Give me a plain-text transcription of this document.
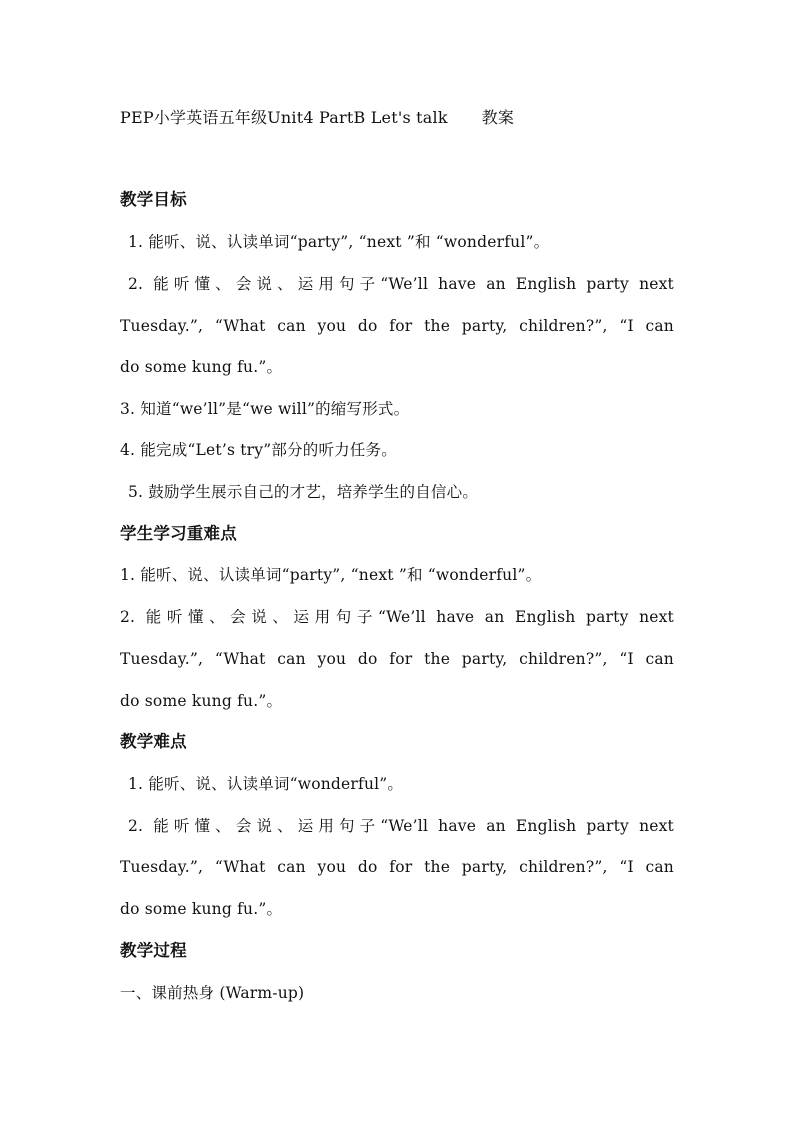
PEP小学英语五年级Unit4 PartB Let's talk 教案
教学目标
1. 能听、说、认读单词“party”, “next ”和 “wonderful”。
2. 能听懂、会说、运用句子“We’ll have an English party next
Tuesday.”, “What can you do for the party, children?”, “I can
do some kung fu.”。
3. 知道“we’ll”是“we will”的缩写形式。
4. 能完成“Let’s try”部分的听力任务。
5. 鼓励学生展示自己的才艺，培养学生的自信心。
学生学习重难点
1. 能听、说、认读单词“party”, “next ”和 “wonderful”。
2. 能听懂、会说、运用句子“We’ll have an English party next
Tuesday.”, “What can you do for the party, children?”, “I can
do some kung fu.”。
教学难点
1. 能听、说、认读单词“wonderful”。
2. 能听懂、会说、运用句子“We’ll have an English party next
Tuesday.”, “What can you do for the party, children?”, “I can
do some kung fu.”。
教学过程
一、课前热身 (Warm-up)
